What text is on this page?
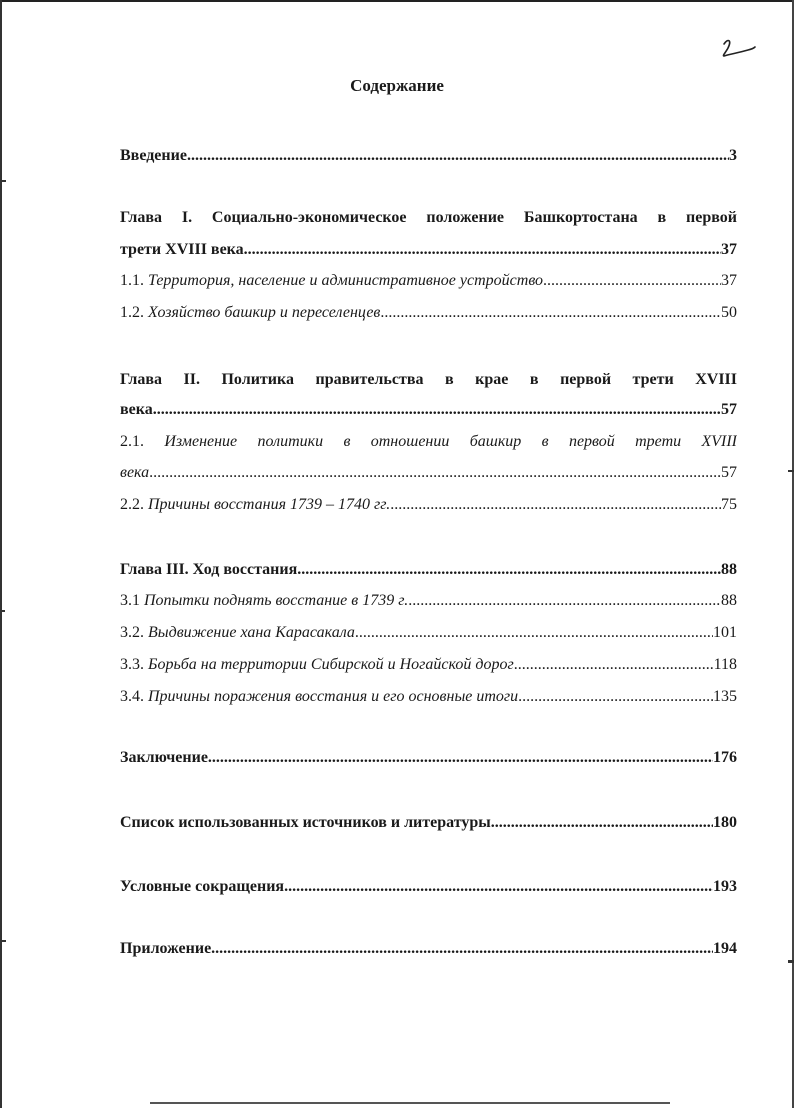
Содержание
Введение .....	3
Глава I. Социально-экономическое положение Башкортостана в первой
трети XVIII века .....	37
1.1. Территория, население и административное устройство .....	37
1.2. Хозяйство башкир и переселенцев .....	50
Глава II. Политика правительства в крае в первой трети XVIII
века .....	57
2.1. Изменение политики в отношении башкир в первой трети XVIII
века .....	57
2.2. Причины восстания 1739 – 1740 гг. .....	75
Глава III. Ход восстания .....	88
3.1 Попытки поднять восстание в 1739 г. .....	88
3.2. Выдвижение хана Карасакала .....	101
3.3. Борьба на территории Сибирской и Ногайской дорог .....	118
3.4. Причины поражения восстания и его основные итоги .....	135
Заключение .....	176
Список использованных источников и литературы .....	180
Условные сокращения .....	193
Приложение .....	194
